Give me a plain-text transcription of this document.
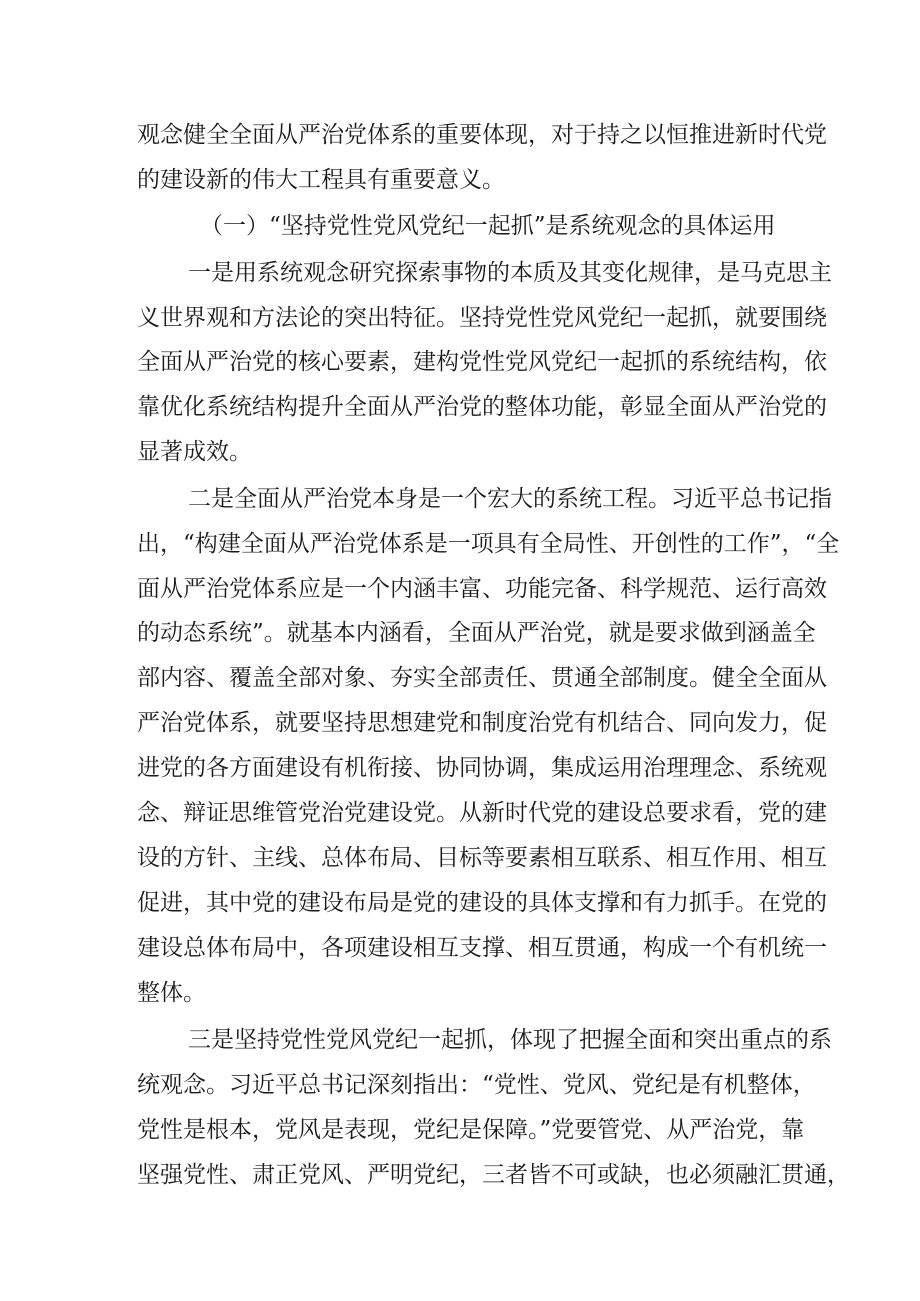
观念健全全面从严治党体系的重要体现，对于持之以恒推进新时代党
的建设新的伟大工程具有重要意义。
（一）“坚持党性党风党纪一起抓”是系统观念的具体运用
一是用系统观念研究探索事物的本质及其变化规律，是马克思主
义世界观和方法论的突出特征。坚持党性党风党纪一起抓，就要围绕
全面从严治党的核心要素，建构党性党风党纪一起抓的系统结构，依
靠优化系统结构提升全面从严治党的整体功能，彰显全面从严治党的
显著成效。
二是全面从严治党本身是一个宏大的系统工程。习近平总书记指
出，“构建全面从严治党体系是一项具有全局性、开创性的工作”，“全
面从严治党体系应是一个内涵丰富、功能完备、科学规范、运行高效
的动态系统”。就基本内涵看，全面从严治党，就是要求做到涵盖全
部内容、覆盖全部对象、夯实全部责任、贯通全部制度。健全全面从
严治党体系，就要坚持思想建党和制度治党有机结合、同向发力，促
进党的各方面建设有机衔接、协同协调，集成运用治理理念、系统观
念、辩证思维管党治党建设党。从新时代党的建设总要求看，党的建
设的方针、主线、总体布局、目标等要素相互联系、相互作用、相互
促进，其中党的建设布局是党的建设的具体支撑和有力抓手。在党的
建设总体布局中，各项建设相互支撑、相互贯通，构成一个有机统一
整体。
三是坚持党性党风党纪一起抓，体现了把握全面和突出重点的系
统观念。习近平总书记深刻指出：“党性、党风、党纪是有机整体，
党性是根本，党风是表现，党纪是保障。”党要管党、从严治党，靠
坚强党性、肃正党风、严明党纪，三者皆不可或缺，也必须融汇贯通，
